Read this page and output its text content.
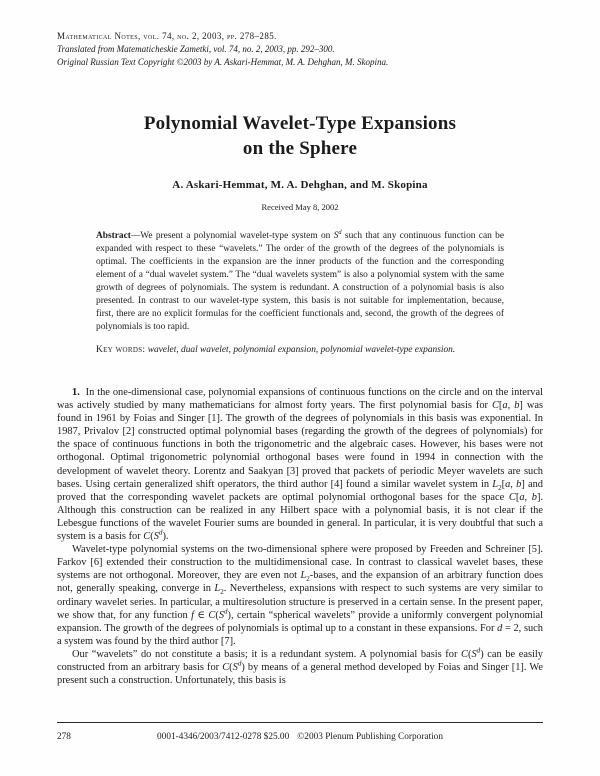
Mathematical Notes, vol. 74, no. 2, 2003, pp. 278–285.
Translated from Matematicheskie Zametki, vol. 74, no. 2, 2003, pp. 292–300.
Original Russian Text Copyright ©2003 by A. Askari-Hemmat, M. A. Dehghan, M. Skopina.
Polynomial Wavelet-Type Expansions
on the Sphere
A. Askari-Hemmat, M. A. Dehghan, and M. Skopina
Received May 8, 2002
Abstract—We present a polynomial wavelet-type system on $S^d$ such that any continuous function can be expanded with respect to these “wavelets.” The order of the growth of the degrees of the polynomials is optimal. The coefficients in the expansion are the inner products of the function and the corresponding element of a “dual wavelet system.” The “dual wavelets system” is also a polynomial system with the same growth of degrees of polynomials. The system is redundant. A construction of a polynomial basis is also presented. In contrast to our wavelet-type system, this basis is not suitable for implementation, because, first, there are no explicit formulas for the coefficient functionals and, second, the growth of the degrees of polynomials is too rapid.
Key words: wavelet, dual wavelet, polynomial expansion, polynomial wavelet-type expansion.

1.  In the one-dimensional case, polynomial expansions of continuous functions on the circle and on the interval was actively studied by many mathematicians for almost forty years. The first polynomial basis for C[a, b] was found in 1961 by Foias and Singer [1]. The growth of the degrees of polynomials in this basis was exponential. In 1987, Privalov [2] constructed optimal polynomial bases (regarding the growth of the degrees of polynomials) for the space of continuous functions in both the trigonometric and the algebraic cases. However, his bases were not orthogonal. Optimal trigonometric polynomial orthogonal bases were found in 1994 in connection with the development of wavelet theory. Lorentz and Saakyan [3] proved that packets of periodic Meyer wavelets are such bases. Using certain generalized shift operators, the third author [4] found a similar wavelet system in $L_2[a$, b] and proved that the corresponding wavelet packets are optimal polynomial orthogonal bases for the space C[a, b]. Although this construction can be realized in any Hilbert space with a polynomial basis, it is not clear if the Lebesgue functions of the wavelet Fourier sums are bounded in general. In particular, it is very doubtful that such a system is a basis for $C(S^d)$.

Wavelet-type polynomial systems on the two-dimensional sphere were proposed by Freeden and Schreiner [5]. Farkov [6] extended their construction to the multidimensional case. In contrast to classical wavelet bases, these systems are not orthogonal. Moreover, they are even not $L_2$-bases, and the expansion of an arbitrary function does not, generally speaking, converge in $L_2$. Nevertheless, expansions with respect to such systems are very similar to ordinary wavelet series. In particular, a multiresolution structure is preserved in a certain sense. In the present paper, we show that, for any function f ∈ $C(S^d)$, certain “spherical wavelets” provide a uniformly convergent polynomial expansion. The growth of the degrees of polynomials is optimal up to a constant in these expansions. For d = 2, such a system was found by the third author [7].

Our “wavelets” do not constitute a basis; it is a redundant system. A polynomial basis for $C(S^d)$ can be easily constructed from an arbitrary basis for $C(S^d)$ by means of a general method developed by Foias and Singer [1]. We present such a construction. Unfortunately, this basis is

278	0001-4346/2003/7412-0278 $25.00 ©2003 Plenum Publishing Corporation
